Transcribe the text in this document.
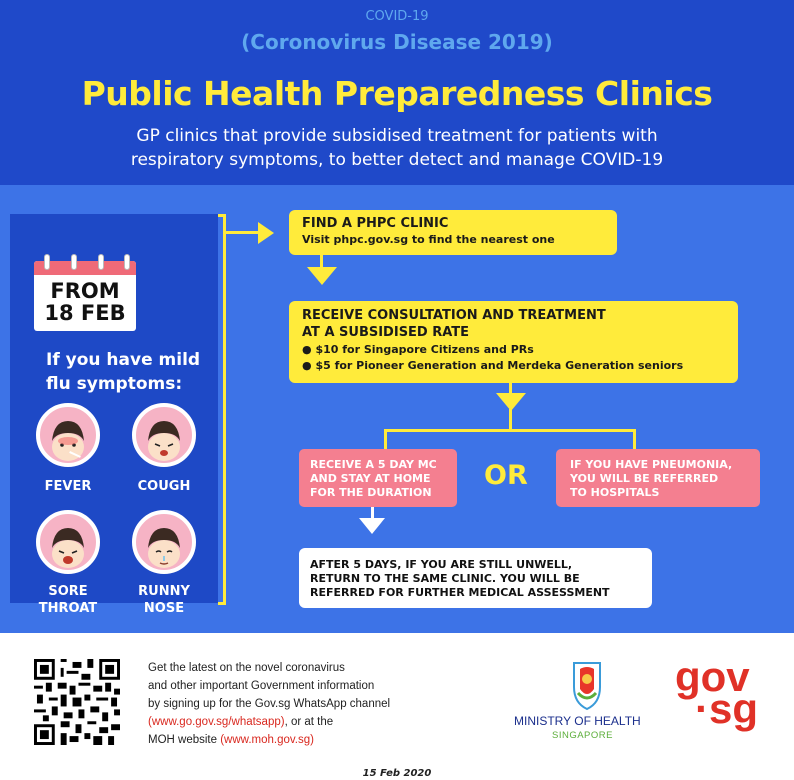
COVID-19
(Coronovirus Disease 2019)
Public Health Preparedness Clinics
GP clinics that provide subsidised treatment for patients with
respiratory symptoms, to better detect and manage COVID-19
FROM
18 FEB
If you have mild
flu symptoms:
FEVER	COUGH
SORE
THROAT
RUNNY
NOSE
FIND A PHPC CLINIC
Visit phpc.gov.sg to find the nearest one
RECEIVE CONSULTATION AND TREATMENT
AT A SUBSIDISED RATE
● $10 for Singapore Citizens and PRs
● $5 for Pioneer Generation and Merdeka Generation seniors
RECEIVE A 5 DAY MC
AND STAY AT HOME
FOR THE DURATION
OR	IF YOU HAVE PNEUMONIA,
YOU WILL BE REFERRED
TO HOSPITALS
AFTER 5 DAYS, IF YOU ARE STILL UNWELL,
RETURN TO THE SAME CLINIC. YOU WILL BE
REFERRED FOR FURTHER MEDICAL ASSESSMENT
Get the latest on the novel coronavirus
and other important Government information
by signing up for the Gov.sg WhatsApp channel
(www.go.gov.sg/whatsapp), or at the
MOH website (www.moh.gov.sg)
MINISTRY OF HEALTH
SINGAPORE
gov
·sg
15 Feb 2020
